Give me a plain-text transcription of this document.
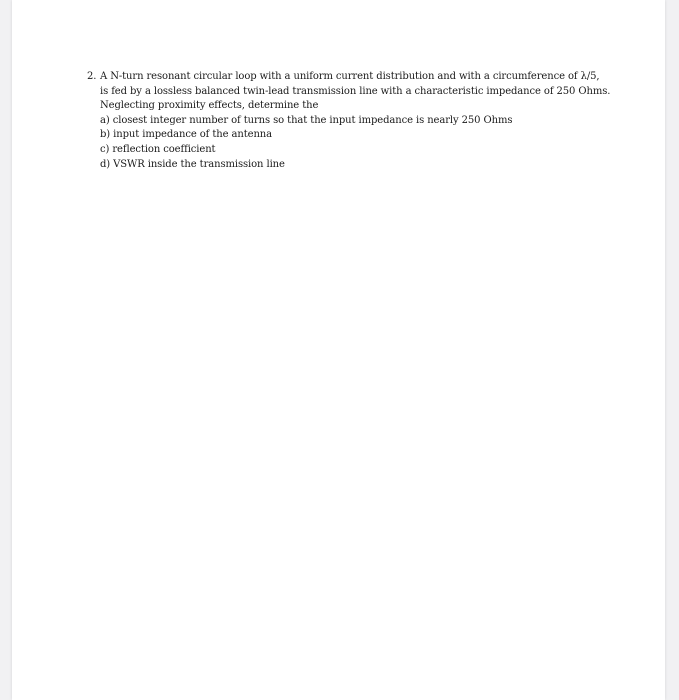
2. A N-turn resonant circular loop with a uniform current distribution and with a circumference of λ/5,
is fed by a lossless balanced twin-lead transmission line with a characteristic impedance of 250 Ohms.
Neglecting proximity effects, determine the
a) closest integer number of turns so that the input impedance is nearly 250 Ohms
b) input impedance of the antenna
c) reflection coefficient
d) VSWR inside the transmission line
